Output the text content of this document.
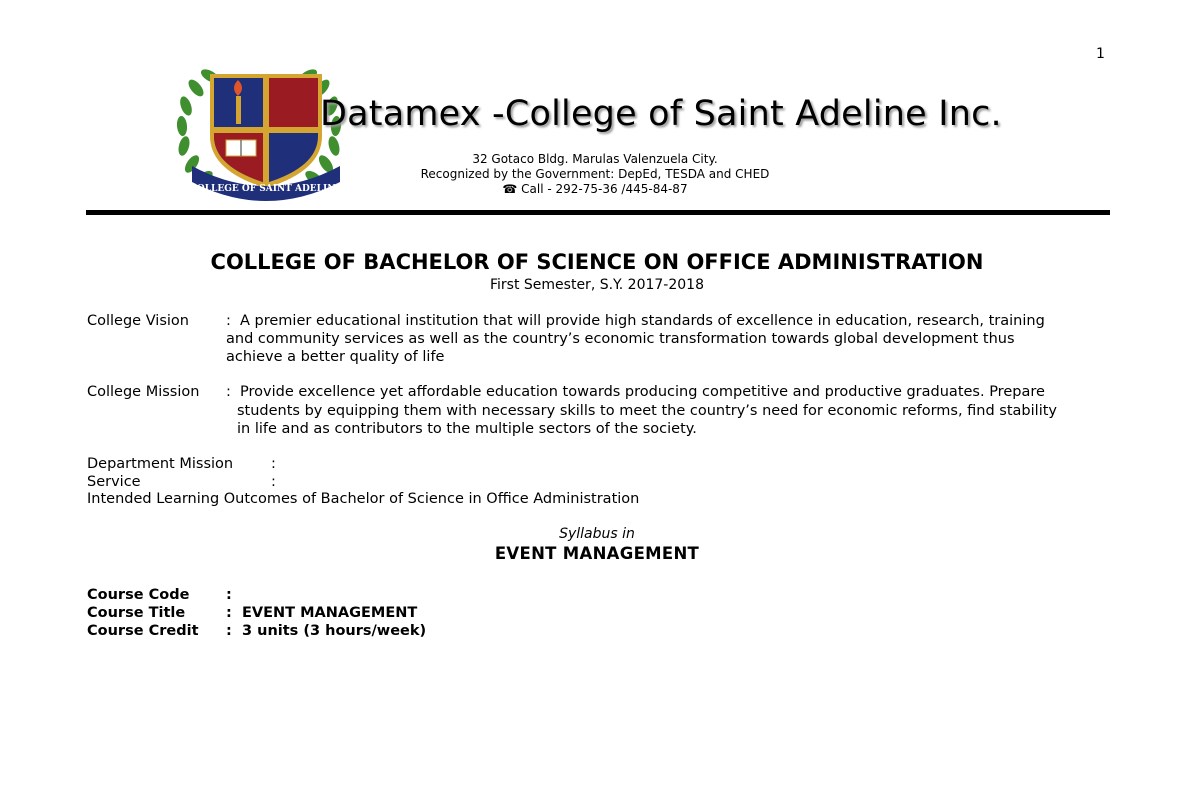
1
COLLEGE OF SAINT ADELINE
Datamex -College of Saint Adeline Inc.
32 Gotaco Bldg. Marulas Valenzuela City.
Recognized by the Government: DepEd, TESDA and CHED
☎ Call - 292-75-36 /445-84-87
COLLEGE OF BACHELOR OF SCIENCE ON OFFICE ADMINISTRATION
First Semester, S.Y. 2017-2018
College Vision	: A premier educational institution that will provide high standards of excellence in education, research, training
and community services as well as the country’s economic transformation towards global development thus
achieve a better quality of life
College Mission : Provide excellence yet affordable education towards producing competitive and productive graduates. Prepare
students by equipping them with necessary skills to meet the country’s need for economic reforms, find stability
in life and as contributors to the multiple sectors of the society.
Department Mission	:
Service	:
Intended Learning Outcomes of Bachelor of Science in Office Administration
Syllabus in
EVENT MANAGEMENT
Course Code	:
Course Title	: EVENT MANAGEMENT
Course Credit : 3 units (3 hours/week)
